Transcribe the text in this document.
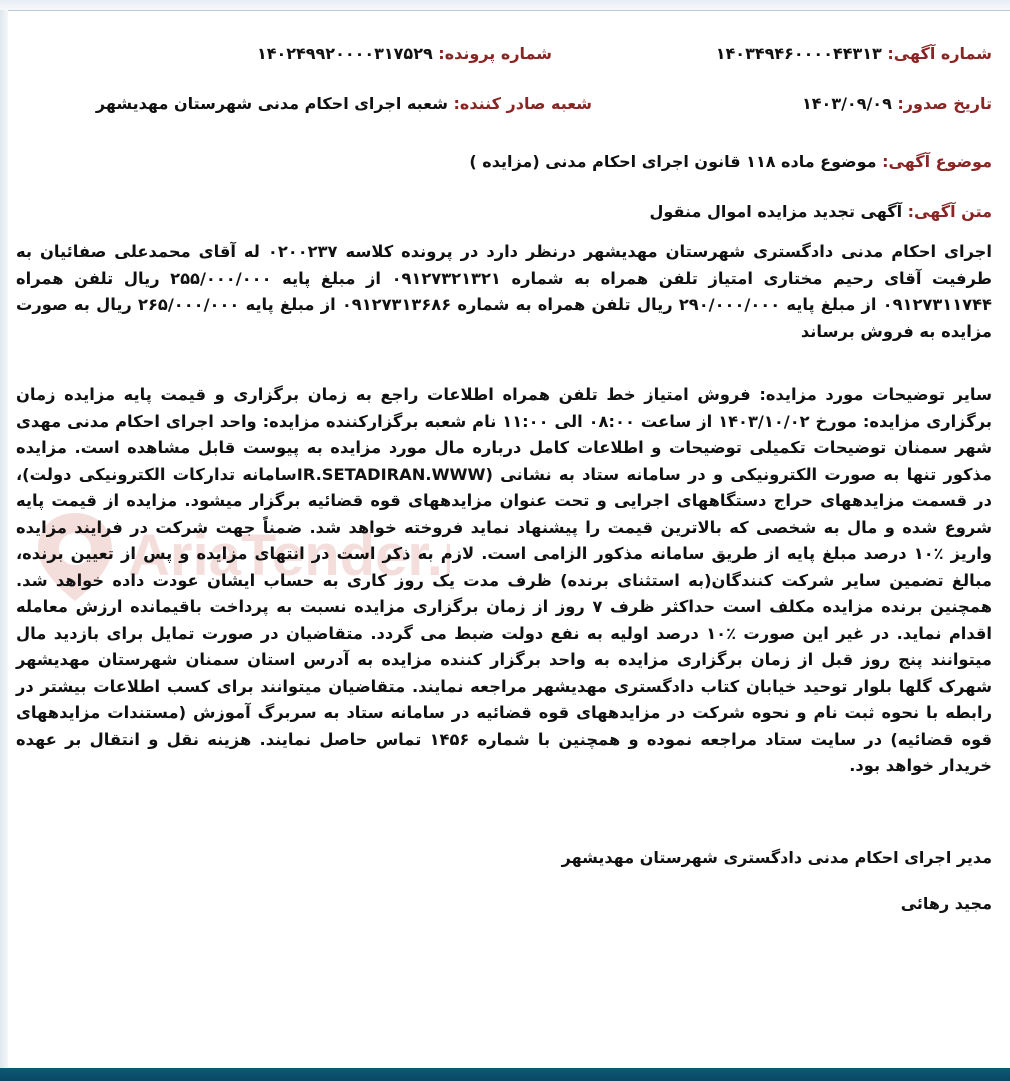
AriaTender.
شماره آگهی: ۱۴۰۳۴۹۴۶۰۰۰۰۴۴۳۱۳
شماره پرونده: ۱۴۰۲۴۹۹۲۰۰۰۰۳۱۷۵۲۹
تاریخ صدور: ۱۴۰۳/۰۹/۰۹
شعبه صادر کننده: شعبه اجرای احکام مدنی شهرستان مهدیشهر
موضوع آگهی: موضوع ماده ۱۱۸ قانون اجرای احکام مدنی (مزایده )
متن آگهی: آگهی تجدید مزایده اموال منقول

اجرای احکام مدنی دادگستری شهرستان مهدیشهر درنظر دارد در پرونده کلاسه ۰۲۰۰۲۳۷ له آقای محمدعلی صفائیان به طرفیت آقای رحیم مختاری امتیاز تلفن همراه به شماره ۰۹۱۲۷۳۲۱۳۲۱ از مبلغ پایه ۲۵۵/۰۰۰/۰۰۰ ریال تلفن همراه ۰۹۱۲۷۳۱۱۷۴۴ از مبلغ پایه ۲۹۰/۰۰۰/۰۰۰ ریال تلفن همراه به شماره ۰۹۱۲۷۳۱۳۶۸۶ از مبلغ پایه ۲۶۵/۰۰۰/۰۰۰ ریال به صورت مزایده به فروش برساند

سایر توضیحات مورد مزایده: فروش امتیاز خط تلفن همراه اطلاعات راجع به زمان برگزاری و قیمت پایه مزایده زمان برگزاری مزایده: مورخ ۱۴۰۳/۱۰/۰۲ از ساعت ۰۸:۰۰ الی ۱۱:۰۰ نام شعبه برگزارکننده مزایده: واحد اجرای احکام مدنی مهدی شهر سمنان توضیحات تکمیلی توضیحات و اطلاعات کامل درباره مال مورد مزایده به پیوست قابل مشاهده است. مزایده مذکور تنها به صورت الکترونیکی و در سامانه ستاد به نشانی (IR.SETADIRAN.WWWسامانه تدارکات الکترونیکی دولت)، در قسمت مزایدههای حراج دستگاههای اجرایی و تحت عنوان مزایدههای قوه قضائیه برگزار میشود. مزایده از قیمت پایه شروع شده و مال به شخصی که بالاترین قیمت را پیشنهاد نماید فروخته خواهد شد. ضمناً جهت شرکت در فرایند مزایده واریز ٪۱۰ درصد مبلغ پایه از طریق سامانه مذکور الزامی است. لازم به ذکر است در انتهای مزایده و پس از تعیین برنده، مبالغ تضمین سایر شرکت کنندگان(به استثنای برنده) ظرف مدت یک روز کاری به حساب ایشان عودت داده خواهد شد. همچنین برنده مزایده مکلف است حداکثر ظرف ۷ روز از زمان برگزاری مزایده نسبت به پرداخت باقیمانده ارزش معامله اقدام نماید. در غیر این صورت ٪۱۰ درصد اولیه به نفع دولت ضبط می گردد. متقاضیان در صورت تمایل برای بازدید مال میتوانند پنج روز قبل از زمان برگزاری مزایده به واحد برگزار کننده مزایده به آدرس استان سمنان شهرستان مهدیشهر شهرک گلها بلوار توحید خیابان کتاب دادگستری مهدیشهر مراجعه نمایند. متقاضیان میتوانند برای کسب اطلاعات بیشتر در رابطه با نحوه ثبت نام و نحوه شرکت در مزایدههای قوه قضائیه در سامانه ستاد به سربرگ آموزش (مستندات مزایدههای قوه قضائیه) در سایت ستاد مراجعه نموده و همچنین با شماره ۱۴۵۶ تماس حاصل نمایند. هزینه نقل و انتقال بر عهده خریدار خواهد بود.

مدیر اجرای احکام مدنی دادگستری شهرستان مهدیشهر
مجید رهائی
